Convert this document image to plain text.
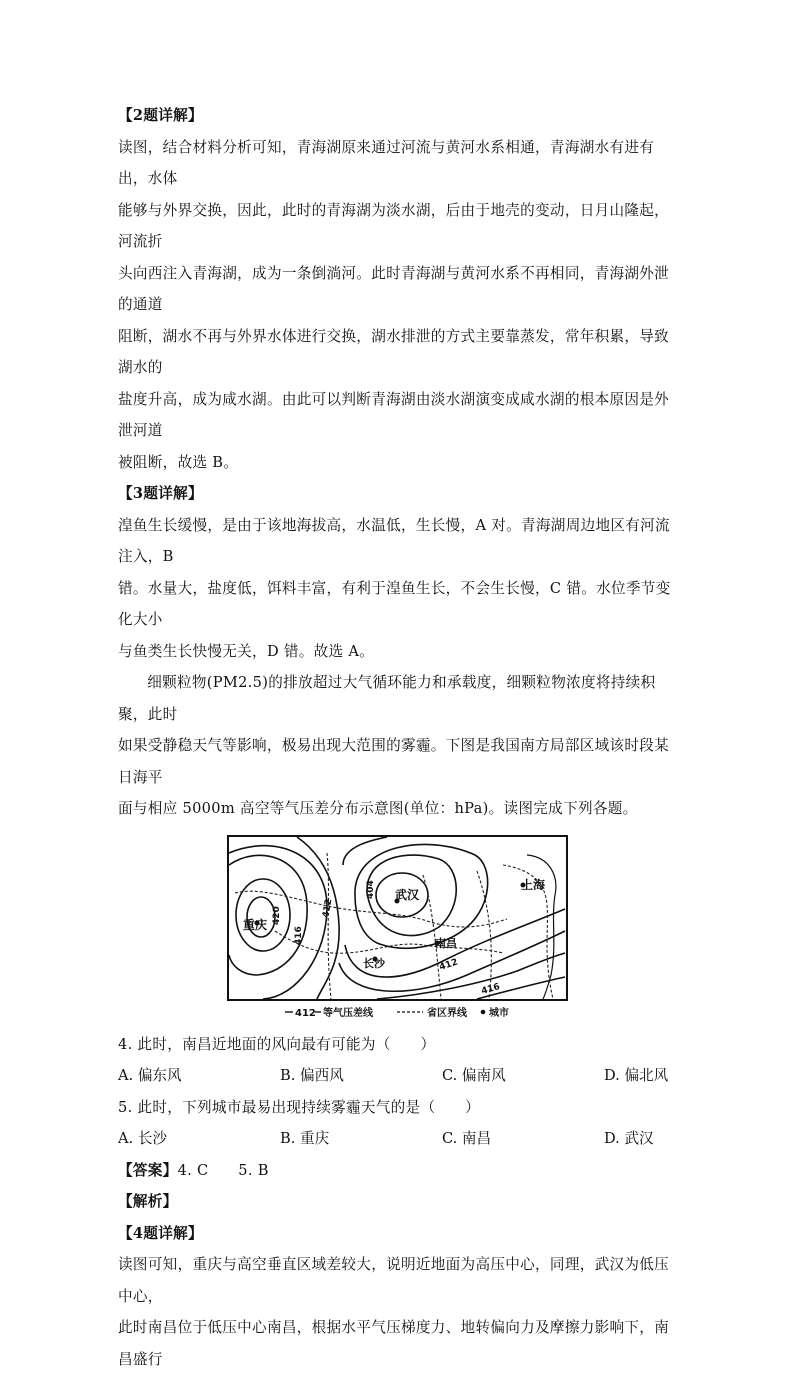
【2题详解】

读图，结合材料分析可知，青海湖原来通过河流与黄河水系相通，青海湖水有进有出，水体

能够与外界交换，因此，此时的青海湖为淡水湖，后由于地壳的变动，日月山隆起，河流折

头向西注入青海湖，成为一条倒淌河。此时青海湖与黄河水系不再相同，青海湖外泄的通道

阻断，湖水不再与外界水体进行交换，湖水排泄的方式主要靠蒸发，常年积累，导致湖水的

盐度升高，成为咸水湖。由此可以判断青海湖由淡水湖演变成咸水湖的根本原因是外泄河道

被阻断，故选 B。

【3题详解】

湟鱼生长缓慢，是由于该地海拔高，水温低，生长慢，A 对。青海湖周边地区有河流注入，B

错。水量大，盐度低，饵料丰富，有利于湟鱼生长，不会生长慢，C 错。水位季节变化大小

与鱼类生长快慢无关，D 错。故选 A。

细颗粒物(PM2.5)的排放超过大气循环能力和承载度，细颗粒物浓度将持续积聚，此时

如果受静稳天气等影响，极易出现大范围的雾霾。下图是我国南方局部区域该时段某日海平

面与相应 5000m 高空等气压差分布示意图(单位：hPa)。读图完成下列各题。

420
416
412
404
412
416
重庆
武汉
上海
南昌
长沙
412 等气压差线	省区界线 城市

4. 此时，南昌近地面的风向最有可能为（　　）

A. 偏东风	B. 偏西风	C. 偏南风	D. 偏北风

5. 此时，下列城市最易出现持续雾霾天气的是（　　）

A. 长沙	B. 重庆	C. 南昌	D. 武汉

【答案】4. C　　5. B

【解析】

【4题详解】

读图可知，重庆与高空垂直区域差较大，说明近地面为高压中心，同理，武汉为低压中心，

此时南昌位于低压中心南昌，根据水平气压梯度力、地转偏向力及摩擦力影响下，南昌盛行
